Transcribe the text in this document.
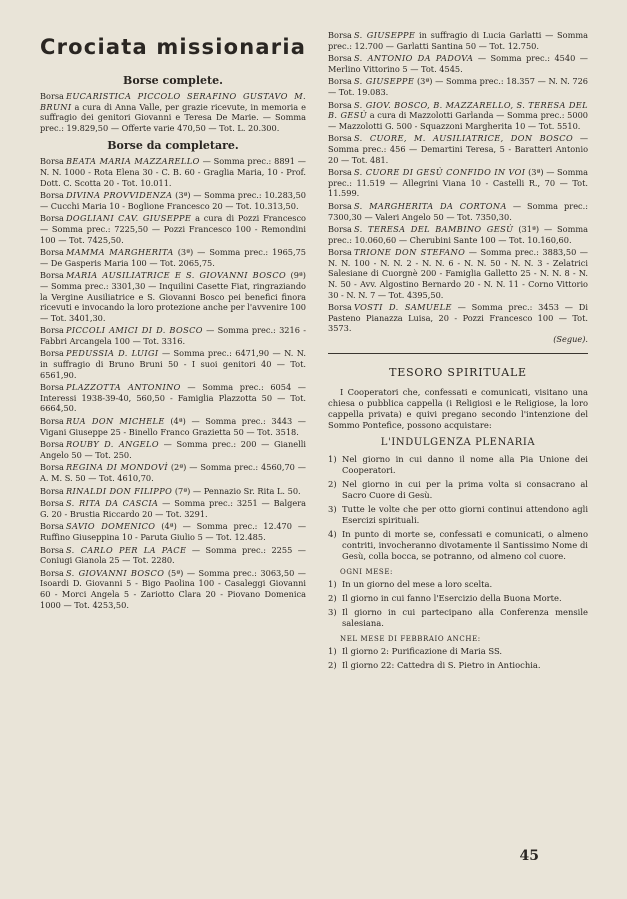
Crociata missionaria
Borse complete.

Borsa EUCARISTICA PICCOLO SERAFINO GUSTAVO M. BRUNI a cura di Anna Valle, per grazie ricevute, in memoria e suffragio dei genitori Giovanni e Teresa De Marie. — Somma prec.: 19.829,50 — Offerte varie 470,50 — Tot. L. 20.300.

Borse da completare.

Borsa BEATA MARIA MAZZARELLO — Somma prec.: 8891 — N. N. 1000 - Rota Elena 30 - C. B. 60 - Graglia Maria, 10 - Prof. Dott. C. Scotta 20 - Tot. 10.011.

Borsa DIVINA PROVVIDENZA (3ª) — Somma prec.: 10.283,50 — Cucchi Maria 10 - Boglione Francesco 20 — Tot. 10.313,50.

Borsa DOGLIANI CAV. GIUSEPPE a cura di Pozzi Francesco — Somma prec.: 7225,50 — Pozzi Francesco 100 - Remondini 100 — Tot. 7425,50.

Borsa MAMMA MARGHERITA (3ª) — Somma prec.: 1965,75 — De Gasperis Maria 100 — Tot. 2065,75.

Borsa MARIA AUSILIATRICE E S. GIOVANNI BOSCO (9ª) — Somma prec.: 3301,30 — Inquilini Casette Fiat, ringraziando la Vergine Ausiliatrice e S. Giovanni Bosco pei benefici finora ricevuti e invocando la loro protezione anche per l'avvenire 100 — Tot. 3401,30.

Borsa PICCOLI AMICI DI D. BOSCO — Somma prec.: 3216 - Fabbri Arcangela 100 — Tot. 3316.

Borsa PEDUSSIA D. LUIGI — Somma prec.: 6471,90 — N. N. in suffragio di Bruno Bruni 50 - I suoi genitori 40 — Tot. 6561,90.

Borsa PLAZZOTTA ANTONINO — Somma prec.: 6054 — Interessi 1938-39-40, 560,50 - Famiglia Plazzotta 50 — Tot. 6664,50.

Borsa RUA DON MICHELE (4ª) — Somma prec.: 3443 — Vigani Giuseppe 25 - Binello Franco Grazietta 50 — Tot. 3518.

Borsa ROUBY D. ANGELO — Somma prec.: 200 — Gianelli Angelo 50 — Tot. 250.

Borsa REGINA DI MONDOVÌ (2ª) — Somma prec.: 4560,70 — A. M. S. 50 — Tot. 4610,70.

Borsa RINALDI DON FILIPPO (7ª) — Pennazio Sr. Rita L. 50.

Borsa S. RITA DA CASCIA — Somma prec.: 3251 — Balgera G. 20 - Brustia Riccardo 20 — Tot. 3291.

Borsa SAVIO DOMENICO (4ª) — Somma prec.: 12.470 — Ruffino Giuseppina 10 - Paruta Giulio 5 — Tot. 12.485.

Borsa S. CARLO PER LA PACE — Somma prec.: 2255 — Coniugi Gianola 25 — Tot. 2280.

Borsa S. GIOVANNI BOSCO (5ª) — Somma prec.: 3063,50 — Isoardi D. Giovanni 5 - Bigo Paolina 100 - Casaleggi Giovanni 60 - Morci Angela 5 - Zariotto Clara 20 - Piovano Domenica 1000 — Tot. 4253,50.

Borsa S. GIUSEPPE in suffragio di Lucia Garlatti — Somma prec.: 12.700 — Garlatti Santina 50 — Tot. 12.750.

Borsa S. ANTONIO DA PADOVA — Somma prec.: 4540 — Merlino Vittorino 5 — Tot. 4545.

Borsa S. GIUSEPPE (3ª) — Somma prec.: 18.357 — N. N. 726 — Tot. 19.083.

Borsa S. GIOV. BOSCO, B. MAZZARELLO, S. TERESA DEL B. GESÙ a cura di Mazzolotti Garlanda — Somma prec.: 5000 — Mazzolotti G. 500 - Squazzoni Margherita 10 — Tot. 5510.

Borsa S. CUORE, M. AUSILIATRICE, DON BOSCO — Somma prec.: 456 — Demartini Teresa, 5 - Baratteri Antonio 20 — Tot. 481.

Borsa S. CUORE DI GESÙ CONFIDO IN VOI (3ª) — Somma prec.: 11.519 — Allegrini Viana 10 - Castelli R., 70 — Tot. 11.599.

Borsa S. MARGHERITA DA CORTONA — Somma prec.: 7300,30 — Valeri Angelo 50 — Tot. 7350,30.

Borsa S. TERESA DEL BAMBINO GESÙ (31ª) — Somma prec.: 10.060,60 — Cherubini Sante 100 — Tot. 10.160,60.

Borsa TRIONE DON STEFANO — Somma prec.: 3883,50 — N. N. 100 - N. N. 2 - N. N. 6 - N. N. 50 - N. N. 3 - Zelatrici Salesiane di Cuorgnè 200 - Famiglia Galletto 25 - N. N. 8 - N. N. 50 - Avv. Algostino Bernardo 20 - N. N. 11 - Corno Vittorio 30 - N. N. 7 — Tot. 4395,50.

Borsa VOSTI D. SAMUELE — Somma prec.: 3453 — Di Pasteno Pianazza Luisa, 20 - Pozzi Francesco 100 — Tot. 3573.
(Segue).

TESORO SPIRITUALE

I Cooperatori che, confessati e comunicati, visitano una chiesa o pubblica cappella (i Religiosi e le Religiose, la loro cappella privata) e quivi pregano secondo l'intenzione del Sommo Pontefice, possono acquistare:

L'INDULGENZA PLENARIA
1) Nel giorno in cui danno il nome alla Pia Unione dei Cooperatori.
2) Nel giorno in cui per la prima volta si consacrano al Sacro Cuore di Gesù.
3) Tutte le volte che per otto giorni continui attendono agli Esercizi spirituali.
4) In punto di morte se, confessati e comunicati, o almeno contriti, invocheranno divotamente il Santissimo Nome di Gesù, colla bocca, se potranno, od almeno col cuore.
OGNI MESE:
1) In un giorno del mese a loro scelta.
2) Il giorno in cui fanno l'Esercizio della Buona Morte.
3) Il giorno in cui partecipano alla Conferenza mensile salesiana.
NEL MESE DI FEBBRAIO ANCHE:
1) Il giorno 2: Purificazione di Maria SS.
2) Il giorno 22: Cattedra di S. Pietro in Antiochia.
45
